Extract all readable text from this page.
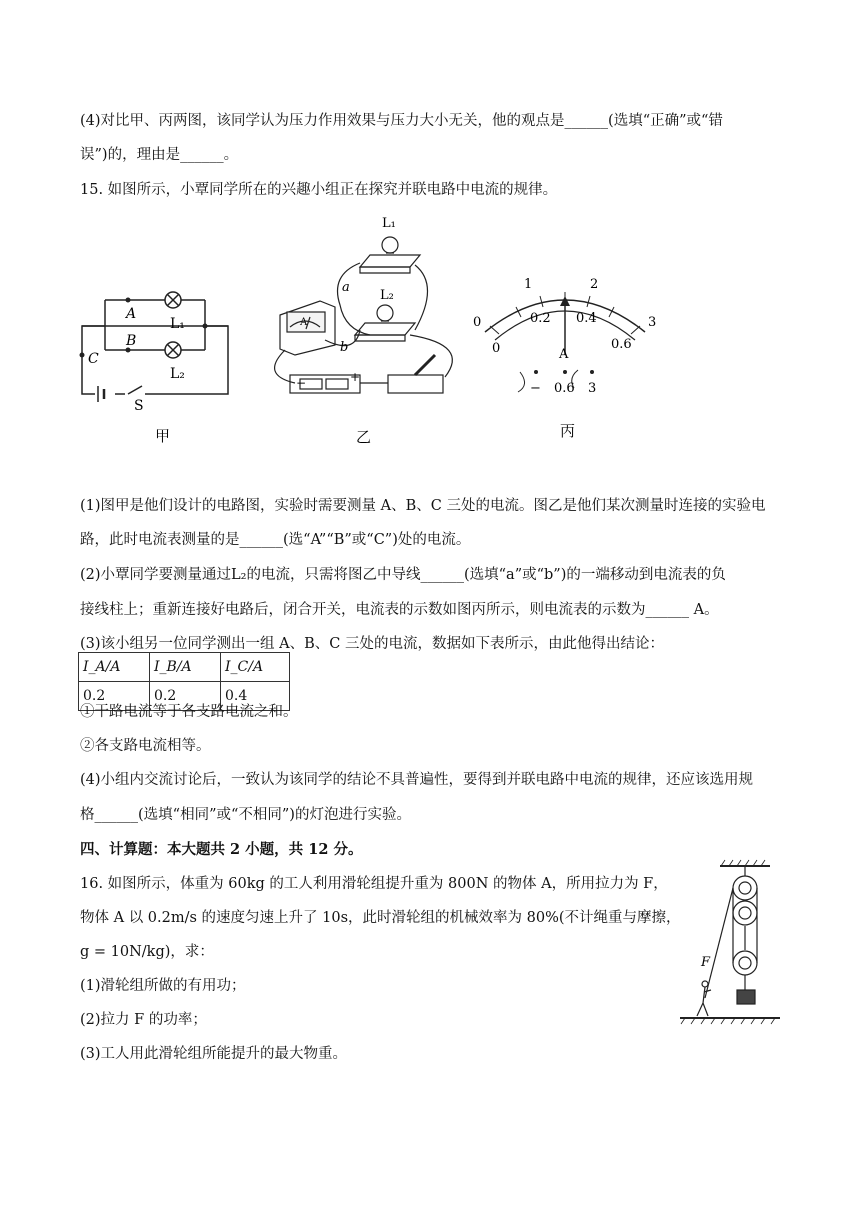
(4)对比甲、丙两图，该同学认为压力作用效果与压力大小无关，他的观点是______(选填“正确”或“错
误”)的，理由是______。
15. 如图所示，小覃同学所在的兴趣小组正在探究并联电路中电流的规律。
A
B
C
L₁
L₂
S
甲
a
b
L₁
L₂
A
−	+
乙
1	2
3
0
0
0.2 0.4
0.6
A
− 0.6 3
丙
(1)图甲是他们设计的电路图，实验时需要测量 A、B、C 三处的电流。图乙是他们某次测量时连接的实验电
路，此时电流表测量的是______(选“A”“B”或“C”)处的电流。
(2)小覃同学要测量通过L₂的电流，只需将图乙中导线______(选填“a”或“b”)的一端移动到电流表的负
接线柱上；重新连接好电路后，闭合开关，电流表的示数如图丙所示，则电流表的示数为______ A。
(3)该小组另一位同学测出一组 A、B、C 三处的电流，数据如下表所示，由此他得出结论：
I_A/A	I_B/A	I_C/A
0.2	0.2	0.4
①干路电流等于各支路电流之和。
②各支路电流相等。
(4)小组内交流讨论后，一致认为该同学的结论不具普遍性，要得到并联电路中电流的规律，还应该选用规
格______(选填“相同”或“不相同”)的灯泡进行实验。
四、计算题：本大题共 2 小题，共 12 分。
16. 如图所示，体重为 60kg 的工人利用滑轮组提升重为 800N 的物体 A，所用拉力为 F，
物体 A 以 0.2m/s 的速度匀速上升了 10s，此时滑轮组的机械效率为 80%(不计绳重与摩擦，
g = 10N/kg)，求：
(1)滑轮组所做的有用功；
(2)拉力 F 的功率；
(3)工人用此滑轮组所能提升的最大物重。
F
